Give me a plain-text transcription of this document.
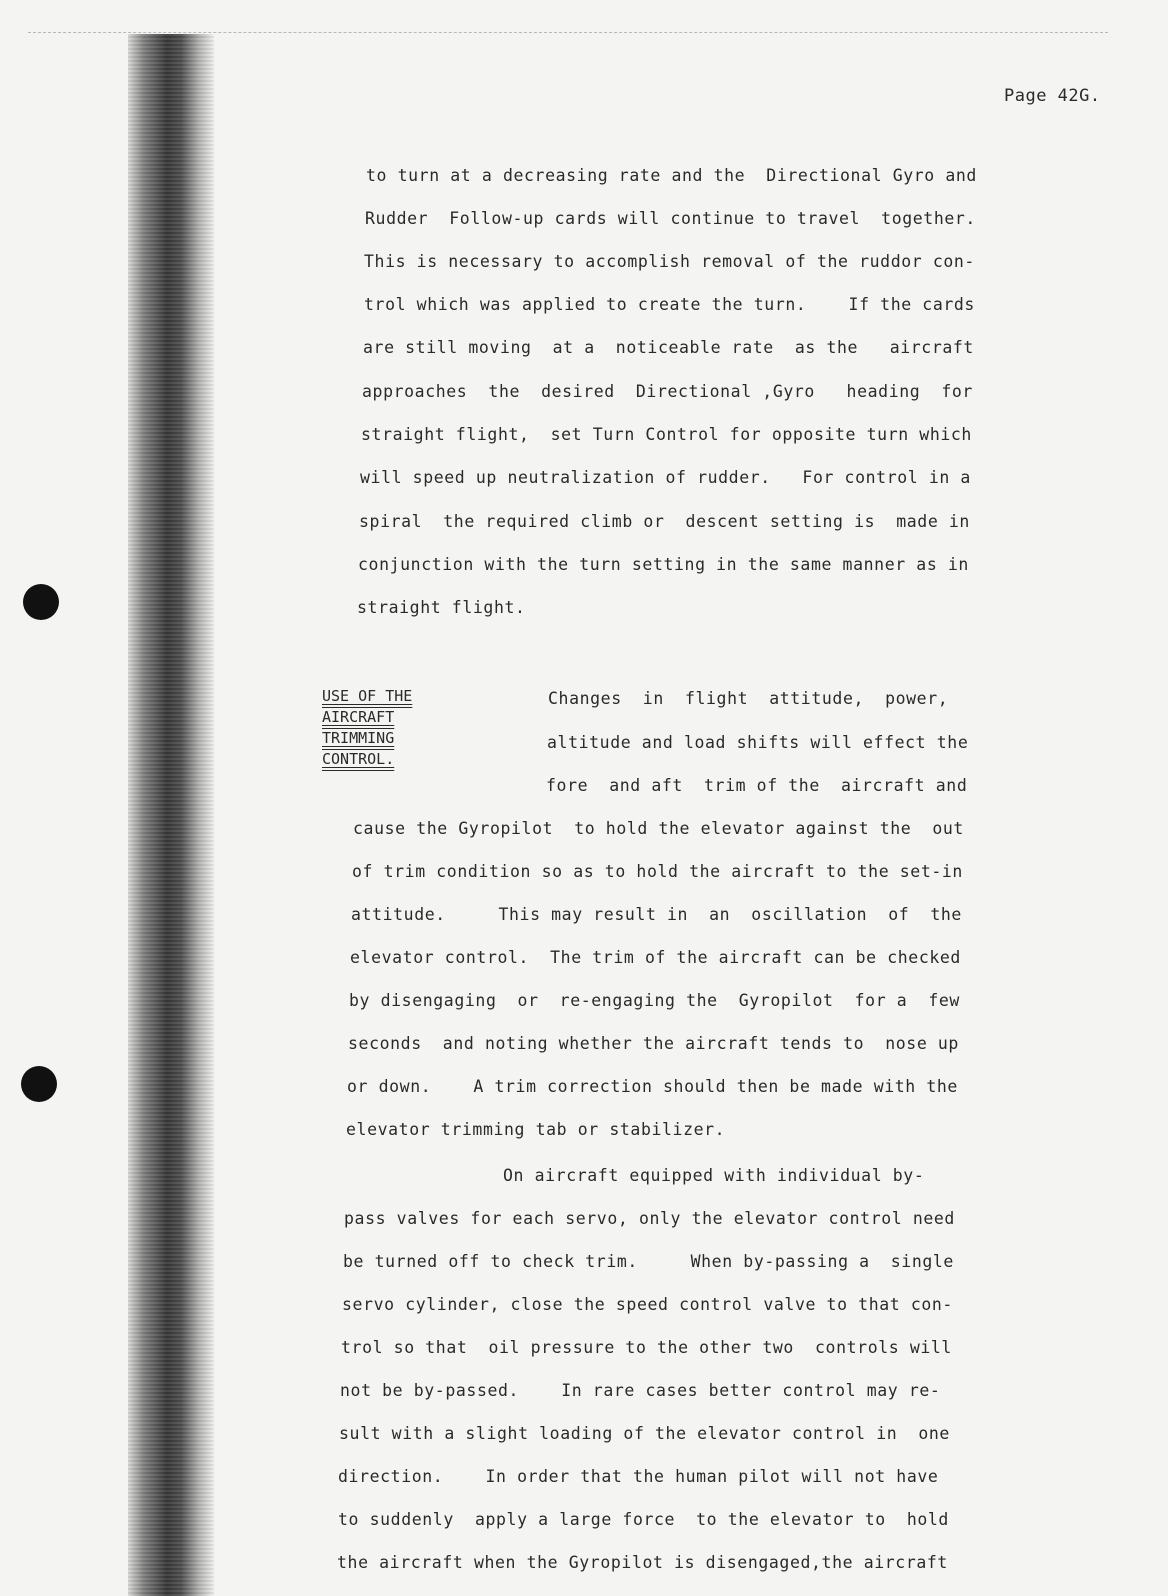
Page 42G.
to turn at a decreasing rate and the  Directional Gyro and
Rudder  Follow-up cards will continue to travel  together.
This is necessary to accomplish removal of the ruddor con-
trol which was applied to create the turn.    If the cards
are still moving  at a  noticeable rate  as the   aircraft
approaches  the  desired  Directional ,Gyro   heading  for
straight flight,  set Turn Control for opposite turn which
will speed up neutralization of rudder.   For control in a
spiral  the required climb or  descent setting is  made in
conjunction with the turn setting in the same manner as in
straight flight.
USE OF THE
AIRCRAFT
TRIMMING
CONTROL.
Changes  in  flight  attitude,  power,
altitude and load shifts will effect the
fore  and aft  trim of the  aircraft and
cause the Gyropilot  to hold the elevator against the  out
of trim condition so as to hold the aircraft to the set-in
attitude.     This may result in  an  oscillation  of  the
elevator control.  The trim of the aircraft can be checked
by disengaging  or  re-engaging the  Gyropilot  for a  few
seconds  and noting whether the aircraft tends to  nose up
or down.    A trim correction should then be made with the
elevator trimming tab or stabilizer.
On aircraft equipped with individual by-
pass valves for each servo, only the elevator control need
be turned off to check trim.     When by-passing a  single
servo cylinder, close the speed control valve to that con-
trol so that  oil pressure to the other two  controls will
not be by-passed.    In rare cases better control may re-
sult with a slight loading of the elevator control in  one
direction.    In order that the human pilot will not have
to suddenly  apply a large force  to the elevator to  hold
the aircraft when the Gyropilot is disengaged,the aircraft
